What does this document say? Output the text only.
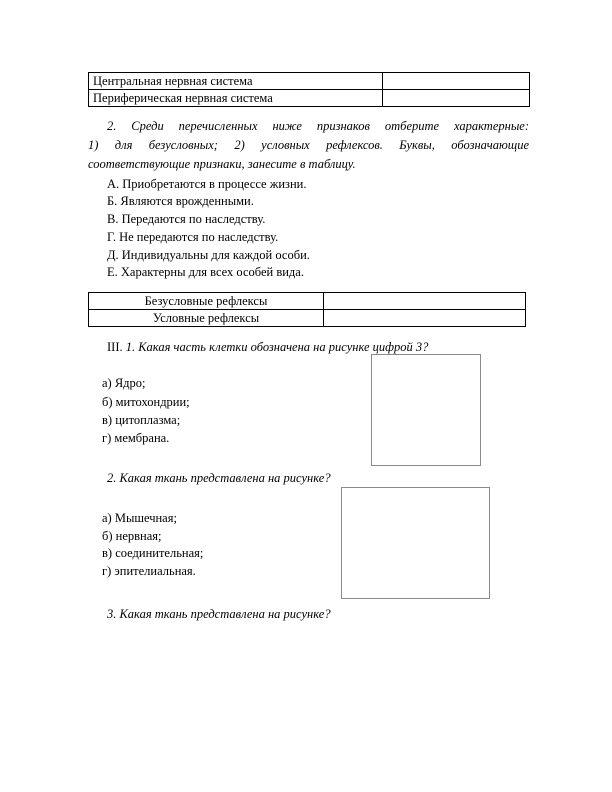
Центральная нервная система	
Периферическая нервная система	
2. Среди перечисленных ниже признаков отберите характерные:
1) для безусловных; 2) условных рефлексов. Буквы, обозначающие
соответствующие признаки, занесите в таблицу.
А. Приобретаются в процессе жизни.
Б. Являются врожденными.
В. Передаются по наследству.
Г. Не передаются по наследству.
Д. Индивидуальны для каждой особи.
Е. Характерны для всех особей вида.
Безусловные рефлексы	
Условные рефлексы	
III. 1. Какая часть клетки обозначена на рисунке цифрой 3?
а) Ядро;
б) митохондрии;
в) цитоплазма;
г) мембрана.
2. Какая ткань представлена на рисунке?
а) Мышечная;
б) нервная;
в) соединительная;
г) эпителиальная.
3. Какая ткань представлена на рисунке?
